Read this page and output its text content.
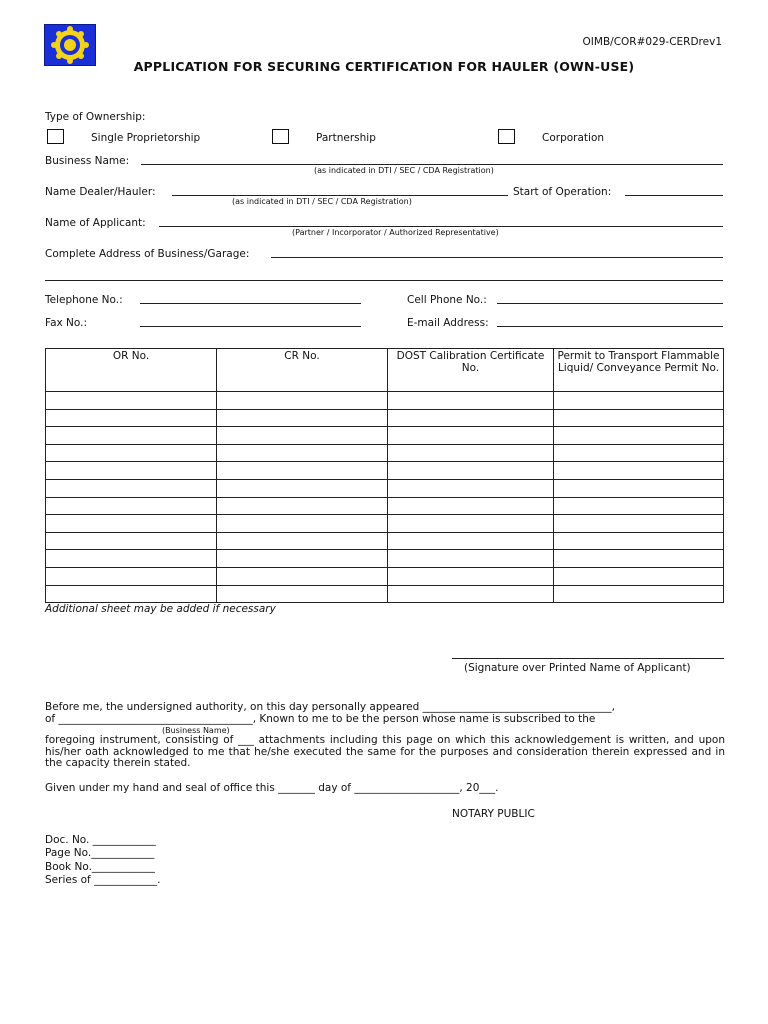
OIMB/COR#029-CERDrev1
APPLICATION FOR SECURING CERTIFICATION FOR HAULER (OWN-USE)
Type of Ownership:
Single Proprietorship	Partnership	Corporation
Business Name:
(as indicated in DTI / SEC / CDA Registration)
Name Dealer/Hauler:
(as indicated in DTI / SEC / CDA Registration)
Start of Operation:
Name of Applicant:
(Partner / Incorporator / Authorized Representative)
Complete Address of Business/Garage:
Telephone No.:	Cell Phone No.:
Fax No.:	E-mail Address:
OR No.	CR No.	DOST Calibration Certificate No.	Permit to Transport Flammable Liquid/ Conveyance Permit No.

Additional sheet may be added if necessary
(Signature over Printed Name of Applicant)
Before me, the undersigned authority, on this day personally appeared ____________________________________,
of _____________________________________, Known to me to be the person whose name is subscribed to the
(Business Name)
foregoing instrument, consisting of ___ attachments including this page on which this acknowledgement is written, and upon his/her oath acknowledged to me that he/she executed the same for the purposes and consideration therein expressed and in the capacity therein stated.
Given under my hand and seal of office this _______ day of ____________________, 20___.
NOTARY PUBLIC
Doc. No. ____________
Page No.____________
Book No.____________
Series of ____________.
